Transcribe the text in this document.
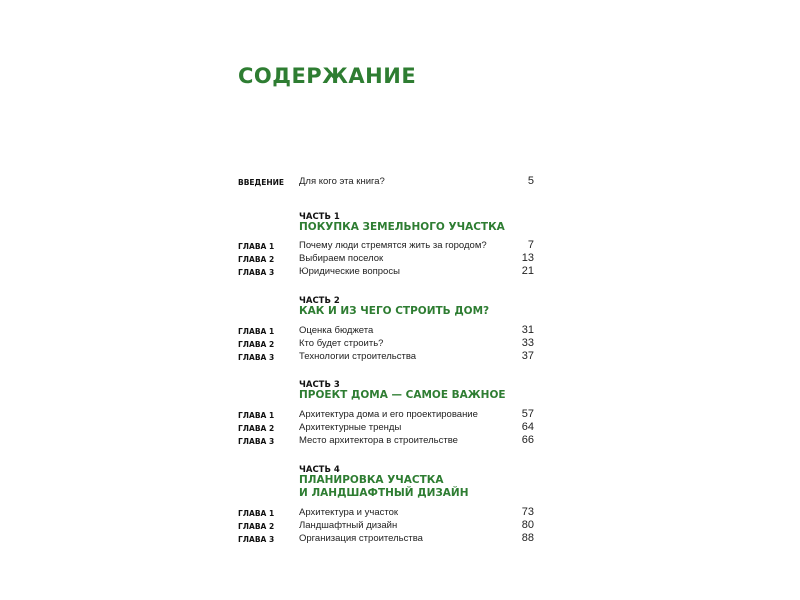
СОДЕРЖАНИЕ
ВВЕДЕНИЕ Для кого эта книга?	5
ЧАСТЬ 1
ПОКУПКА ЗЕМЕЛЬНОГО УЧАСТКА
ГЛАВА 1	Почему люди стремятся жить за городом?	7
ГЛАВА 2	Выбираем поселок	13
ГЛАВА 3	Юридические вопросы	21
ЧАСТЬ 2
КАК И ИЗ ЧЕГО СТРОИТЬ ДОМ?
ГЛАВА 1	Оценка бюджета	31
ГЛАВА 2	Кто будет строить?	33
ГЛАВА 3	Технологии строительства	37
ЧАСТЬ 3
ПРОЕКТ ДОМА — САМОЕ ВАЖНОЕ
ГЛАВА 1	Архитектура дома и его проектирование	57
ГЛАВА 2	Архитектурные тренды	64
ГЛАВА 3	Место архитектора в строительстве	66
ЧАСТЬ 4
ПЛАНИРОВКА УЧАСТКА
И ЛАНДШАФТНЫЙ ДИЗАЙН
ГЛАВА 1	Архитектура и участок	73
ГЛАВА 2	Ландшафтный дизайн	80
ГЛАВА 3	Организация строительства	88
